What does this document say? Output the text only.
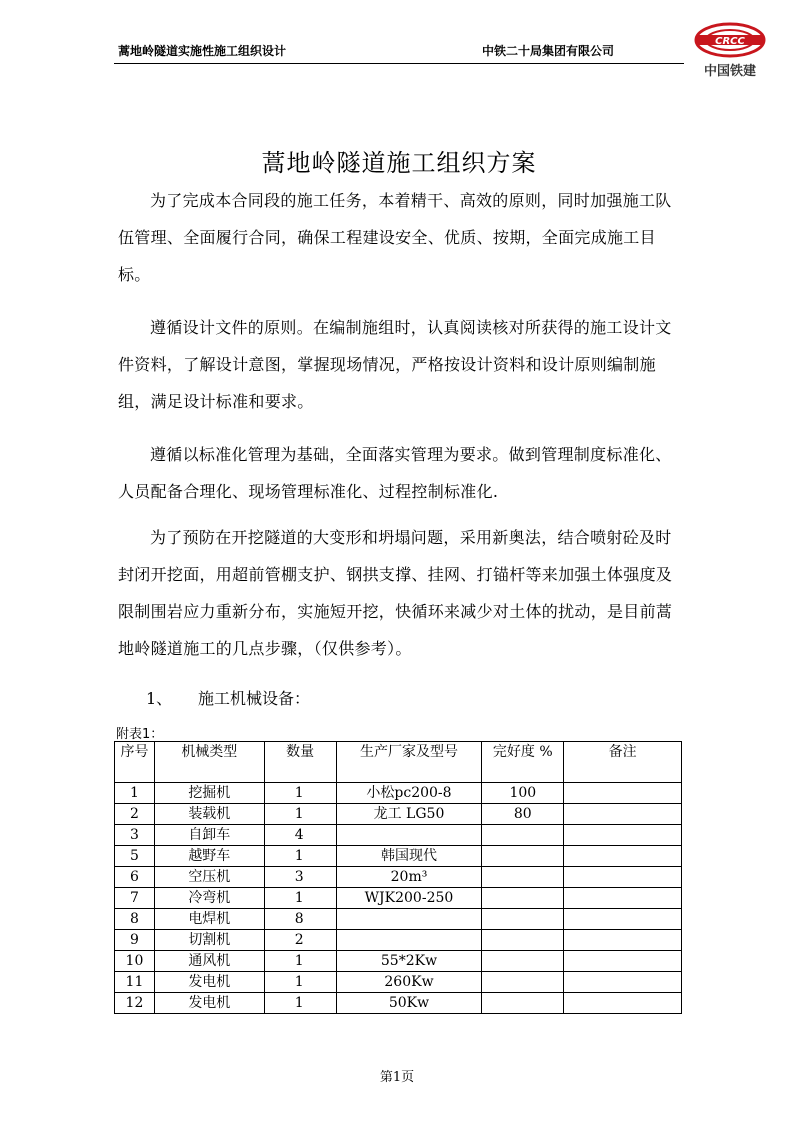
蒿地岭隧道实施性施工组织设计	中铁二十局集团有限公司
CRCC
中国铁建
蒿地岭隧道施工组织方案

为了完成本合同段的施工任务，本着精干、高效的原则，同时加强施工队伍管理、全面履行合同，确保工程建设安全、优质、按期，全面完成施工目标。

遵循设计文件的原则。在编制施组时，认真阅读核对所获得的施工设计文件资料，了解设计意图，掌握现场情况，严格按设计资料和设计原则编制施组，满足设计标准和要求。

遵循以标准化管理为基础，全面落实管理为要求。做到管理制度标准化、人员配备合理化、现场管理标准化、过程控制标准化.

为了预防在开挖隧道的大变形和坍塌问题，采用新奥法，结合喷射砼及时封闭开挖面，用超前管棚支护、钢拱支撑、挂网、打锚杆等来加强土体强度及限制围岩应力重新分布，实施短开挖，快循环来减少对土体的扰动，是目前蒿地岭隧道施工的几点步骤，（仅供参考）。

1、 施工机械设备：
附表1：
序号	机械类型	数量	生产厂家及型号	完好度 %	备注
1	挖掘机	1	小松pc200-8	100	
2	装载机	1	龙工 LG50	80	
3	自卸车	4			
5	越野车	1	韩国现代		
6	空压机	3	20m³		
7	冷弯机	1	WJK200-250		
8	电焊机	8			
9	切割机	2			
10	通风机	1	55*2Kw		
11	发电机	1	260Kw		
12	发电机	1	50Kw		
第1页
